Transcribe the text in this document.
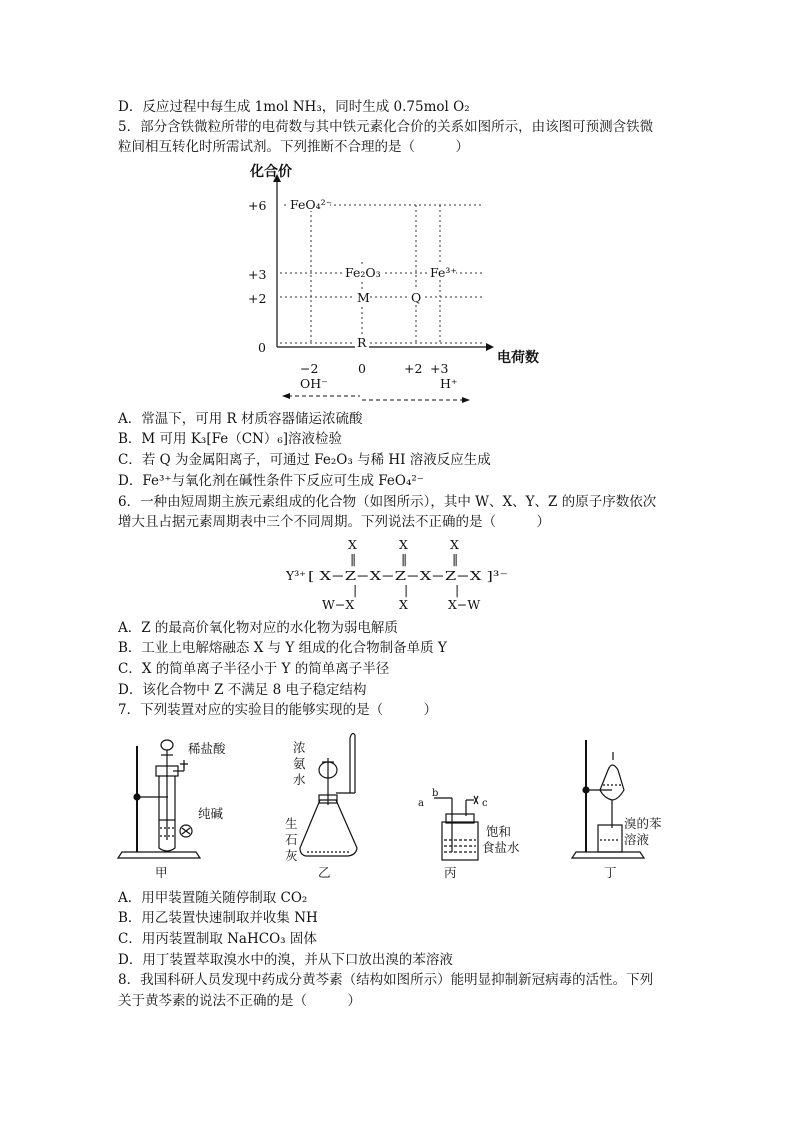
D．反应过程中每生成 1mol NH₃，同时生成 0.75mol O₂
5．部分含铁微粒所带的电荷数与其中铁元素化合价的关系如图所示，由该图可预测含铁微
粒间相互转化时所需试剂。下列推断不合理的是（　　　）
化合价
电荷数
+6
+3
+2
0
−2	0	+2 +3
FeO₄²⁻
Fe₂O₃	Fe³⁺
M	Q
R
OH⁻	H⁺
A．常温下，可用 R 材质容器储运浓硫酸
B．M 可用 K₃[Fe（CN）₆]溶液检验
C．若 Q 为金属阳离子，可通过 Fe₂O₃ 与稀 HI 溶液反应生成
D．Fe³⁺与氧化剂在碱性条件下反应可生成 FeO₄²⁻
6．一种由短周期主族元素组成的化合物（如图所示），其中 W、X、Y、Z 的原子序数依次
增大且占据元素周期表中三个不同周期。下列说法不正确的是（　　　）
X	X	X
‖	‖	‖
Y³⁺ [ X−Z−X−Z−X−Z−X ]³⁻
|	|	|
W−X	X	X−W
A．Z 的最高价氧化物对应的水化物为弱电解质
B．工业上电解熔融态 X 与 Y 组成的化合物制备单质 Y
C．X 的简单离子半径小于 Y 的简单离子半径
D．该化合物中 Z 不满足 8 电子稳定结构
7．下列装置对应的实验目的能够实现的是（　　　）
稀盐酸
纯碱
甲
浓
氨
水
生
石
灰
乙
a
b
c
饱和
食盐水
丙
溴的苯
溶液
丁
A．用甲装置随关随停制取 CO₂
B．用乙装置快速制取并收集 NH
C．用丙装置制取 NaHCO₃ 固体
D．用丁装置萃取溴水中的溴，并从下口放出溴的苯溶液
8．我国科研人员发现中药成分黄芩素（结构如图所示）能明显抑制新冠病毒的活性。下列
关于黄芩素的说法不正确的是（　　　）
